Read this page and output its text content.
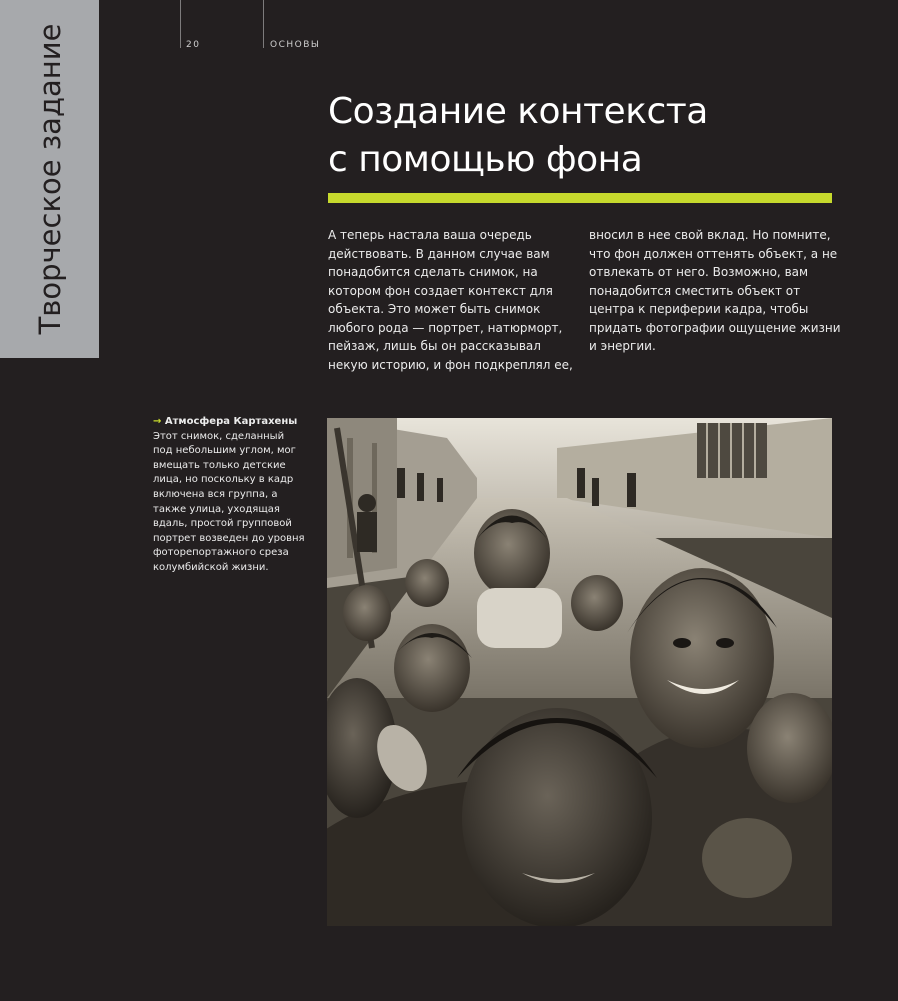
20	ОСНОВЫ
Творческое задание	Создание контекста
с помощью фона
А теперь настала ваша очередь
действовать. В данном случае вам
понадобится сделать снимок, на
котором фон создает контекст для
объекта. Это может быть снимок
любого рода — портрет, натюрморт,
пейзаж, лишь бы он рассказывал
некую историю, и фон подкреплял ее,
вносил в нее свой вклад. Но помните,
что фон должен оттенять объект, а не
отвлекать от него. Возможно, вам
понадобится сместить объект от
центра к периферии кадра, чтобы
придать фотографии ощущение жизни
и энергии.
→ Атмосфера Картахены
Этот снимок, сделанный
под небольшим углом, мог
вмещать только детские
лица, но поскольку в кадр
включена вся группа, а
также улица, уходящая
вдаль, простой групповой
портрет возведен до уровня
фоторепортажного среза
колумбийской жизни.
